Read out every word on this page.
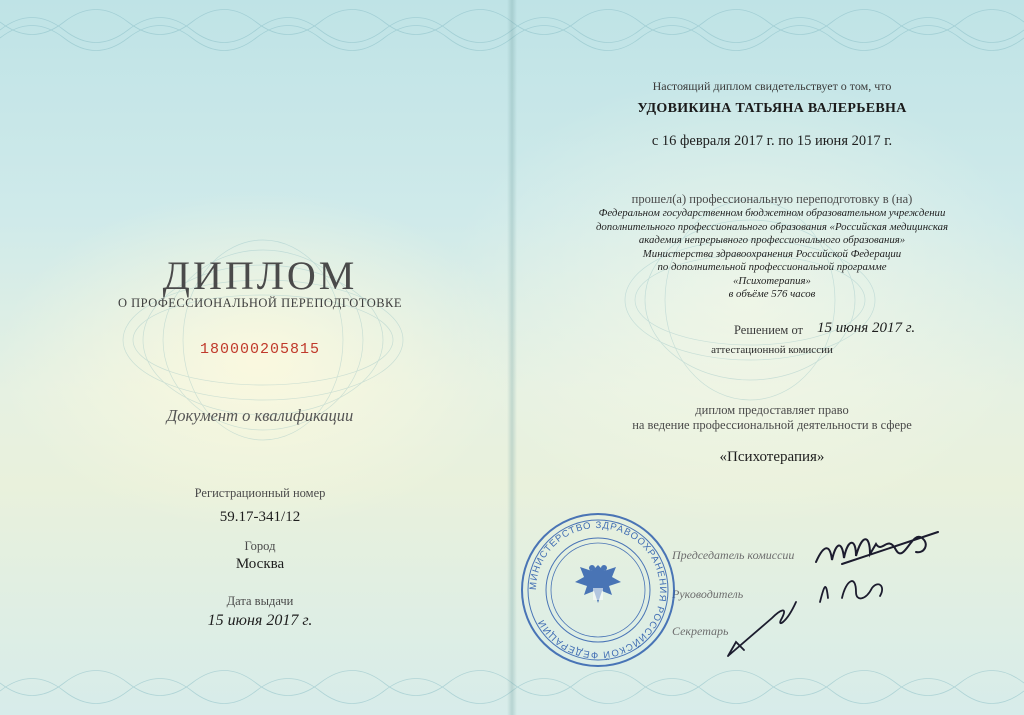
ДИПЛОМ
О ПРОФЕССИОНАЛЬНОЙ ПЕРЕПОДГОТОВКЕ
180000205815
Документ о квалификации
Регистрационный номер
59.17-341/12
Город
Москва
Дата выдачи
15 июня 2017 г.
Настоящий диплом свидетельствует о том, что
УДОВИКИНА ТАТЬЯНА ВАЛЕРЬЕВНА
с 16 февраля 2017 г. по 15 июня 2017 г.
прошел(а) профессиональную переподготовку в (на)
Федеральном государственном бюджетном образовательном учреждении
дополнительного профессионального образования «Российская медицинская
академия непрерывного профессионального образования»
Министерства здравоохранения Российской Федерации
по дополнительной профессиональной программе
«Психотерапия»
в объёме 576 часов
Решением от 15 июня 2017 г.
аттестационной комиссии
диплом предоставляет право
на ведение профессиональной деятельности в сфере
«Психотерапия»
Председатель комиссии
Руководитель
Секретарь
МИНИСТЕРСТВО ЗДРАВООХРАНЕНИЯ РОССИЙСКОЙ ФЕДЕРАЦИИ
